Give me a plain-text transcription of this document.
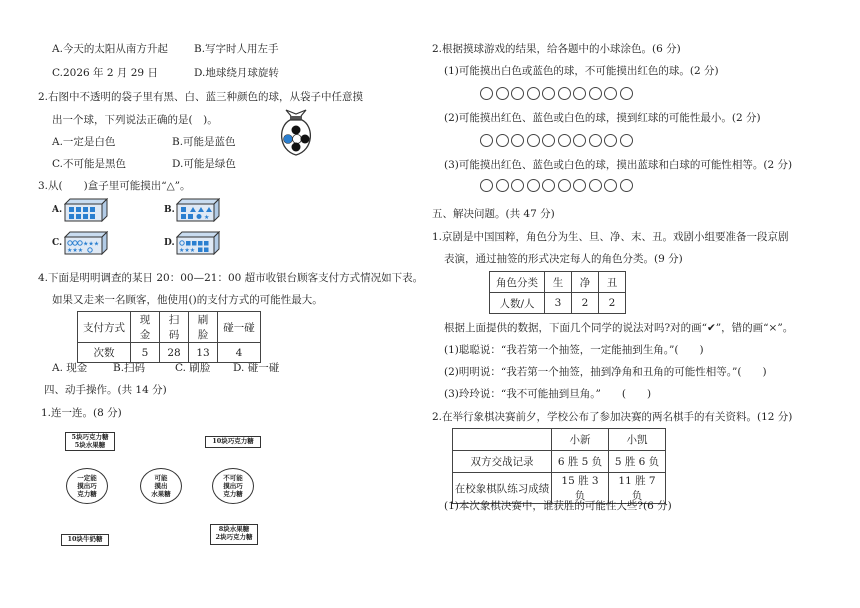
A.今天的太阳从南方升起 B.写字时人用左手
C.2026 年 2 月 29 日	D.地球绕月球旋转
2.右图中不透明的袋子里有黑、白、蓝三种颜色的球，从袋子中任意摸
出一个球，下列说法正确的是(　)。
A.一定是白色	B.可能是蓝色
C.不可能是黑色	D.可能是绿色
3.从(　　)盒子里可能摸出“△”。
A.	B.
★
C.	★★★
★★★
D.
★★★
4.下面是明明调查的某日 20：00—21：00 超市收银台顾客支付方式情况如下表。
如果又走来一名顾客，他使用()的支付方式的可能性最大。
支付方式	现金	扫码	刷脸	碰一碰
次数	5	28	13	4
A. 现金 B.扫码	C. 刷脸 D. 碰一碰
四、动手操作。(共 14 分)
1.连一连。(8 分)
5块巧克力糖
5块水果糖	10块巧克力糖
一定能
摸出巧
克力糖
可能
摸出
水果糖
不可能
摸出巧
克力糖
10块牛奶糖
8块水果糖
2块巧克力糖
2.根据摸球游戏的结果，给各题中的小球涂色。(6 分)
(1)可能摸出白色或蓝色的球，不可能摸出红色的球。(2 分)
(2)可能摸出红色、蓝色或白色的球，摸到红球的可能性最小。(2 分)
(3)可能摸出红色、蓝色或白色的球，摸出蓝球和白球的可能性相等。(2 分)
五、解决问题。(共 47 分)
1.京剧是中国国粹，角色分为生、旦、净、末、丑。戏剧小组要准备一段京剧
表演，通过抽签的形式决定每人的角色分类。(9 分)
角色分类	生	净	丑
人数/人	3	2	2
根据上面提供的数据，下面几个同学的说法对吗?对的画“✔”，错的画“×”。
(1)聪聪说：“我若第一个抽签，一定能抽到生角。”(　　)
(2)明明说：“我若第一个抽签，抽到净角和丑角的可能性相等。”(　　)
(3)玲玲说：“我不可能抽到旦角。”　　(　　)
2.在举行象棋决赛前夕，学校公布了参加决赛的两名棋手的有关资料。(12 分)
	小新	小凯
双方交战记录	6 胜 5 负	5 胜 6 负
在校象棋队练习成绩	15 胜 3 负	11 胜 7 负
(1)本次象棋决赛中，谁获胜的可能性大些?(6 分)
